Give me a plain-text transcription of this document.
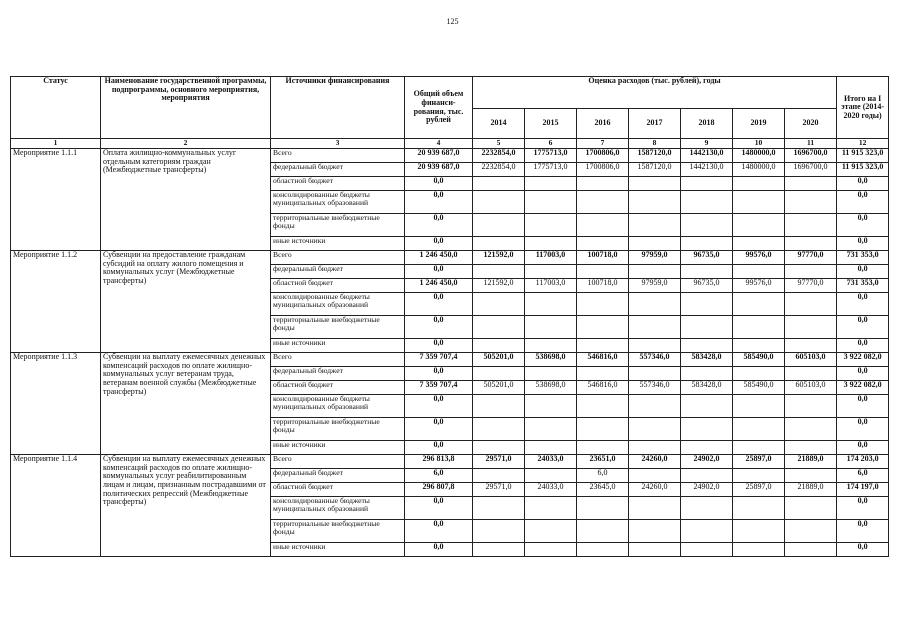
125
Статус	Наименование государственной программы, подпрограммы, основного мероприятия, мероприятия	Источники финансирования	Общий объем финанси-рования, тыс. рублей	Оценка расходов (тыс. рублей), годы							Итого на I этапе (2014-2020 годы)
				2014	2015	2016	2017	2018	2019	2020	
1	2	3	4	5	6	7	8	9	10	11	12
Мероприятие 1.1.1	Оплата жилищно-коммунальных услуг отдельным категориям граждан (Межбюджетные трансферты)	Всего	20 939 687,0	2232854,0	1775713,0	1700806,0	1587120,0	1442130,0	1480000,0	1696700,0	11 915 323,0
		федеральный бюджет	20 939 687,0	2232854,0	1775713,0	1700806,0	1587120,0	1442130,0	1480000,0	1696700,0	11 915 323,0
		областной бюджет	0,0								0,0
		консолидированные бюджеты муниципальных образований	0,0								0,0
		территориальные внебюджетные фонды	0,0								0,0
		иные источники	0,0								0,0
Мероприятие 1.1.2	Субвенции на предоставление гражданам субсидий на оплату жилого помещения и коммунальных услуг (Межбюджетные трансферты)	Всего	1 246 450,0	121592,0	117003,0	100718,0	97959,0	96735,0	99576,0	97770,0	731 353,0
		федеральный бюджет	0,0								0,0
		областной бюджет	1 246 450,0	121592,0	117003,0	100718,0	97959,0	96735,0	99576,0	97770,0	731 353,0
		консолидированные бюджеты муниципальных образований	0,0								0,0
		территориальные внебюджетные фонды	0,0								0,0
		иные источники	0,0								0,0
Мероприятие 1.1.3	Субвенции на выплату ежемесячных денежных компенсаций расходов по оплате жилищно-коммунальных услуг ветеранам труда, ветеранам военной службы (Межбюджетные трансферты)	Всего	7 359 707,4	505201,0	538698,0	546816,0	557346,0	583428,0	585490,0	605103,0	3 922 082,0
		федеральный бюджет	0,0								0,0
		областной бюджет	7 359 707,4	505201,0	538698,0	546816,0	557346,0	583428,0	585490,0	605103,0	3 922 082,0
		консолидированные бюджеты муниципальных образований	0,0								0,0
		территориальные внебюджетные фонды	0,0								0,0
		иные источники	0,0								0,0
Мероприятие 1.1.4	Субвенции на выплату ежемесячных денежных компенсаций расходов по оплате жилищно-коммунальных услуг реабилитированным лицам и лицам, признанным пострадавшими от политических репрессий (Межбюджетные трансферты)	Всего	296 813,8	29571,0	24033,0	23651,0	24260,0	24902,0	25897,0	21889,0	174 203,0
		федеральный бюджет	6,0			6,0					6,0
		областной бюджет	296 807,8	29571,0	24033,0	23645,0	24260,0	24902,0	25897,0	21889,0	174 197,0
		консолидированные бюджеты муниципальных образований	0,0								0,0
		территориальные внебюджетные фонды	0,0								0,0
		иные источники	0,0								0,0
